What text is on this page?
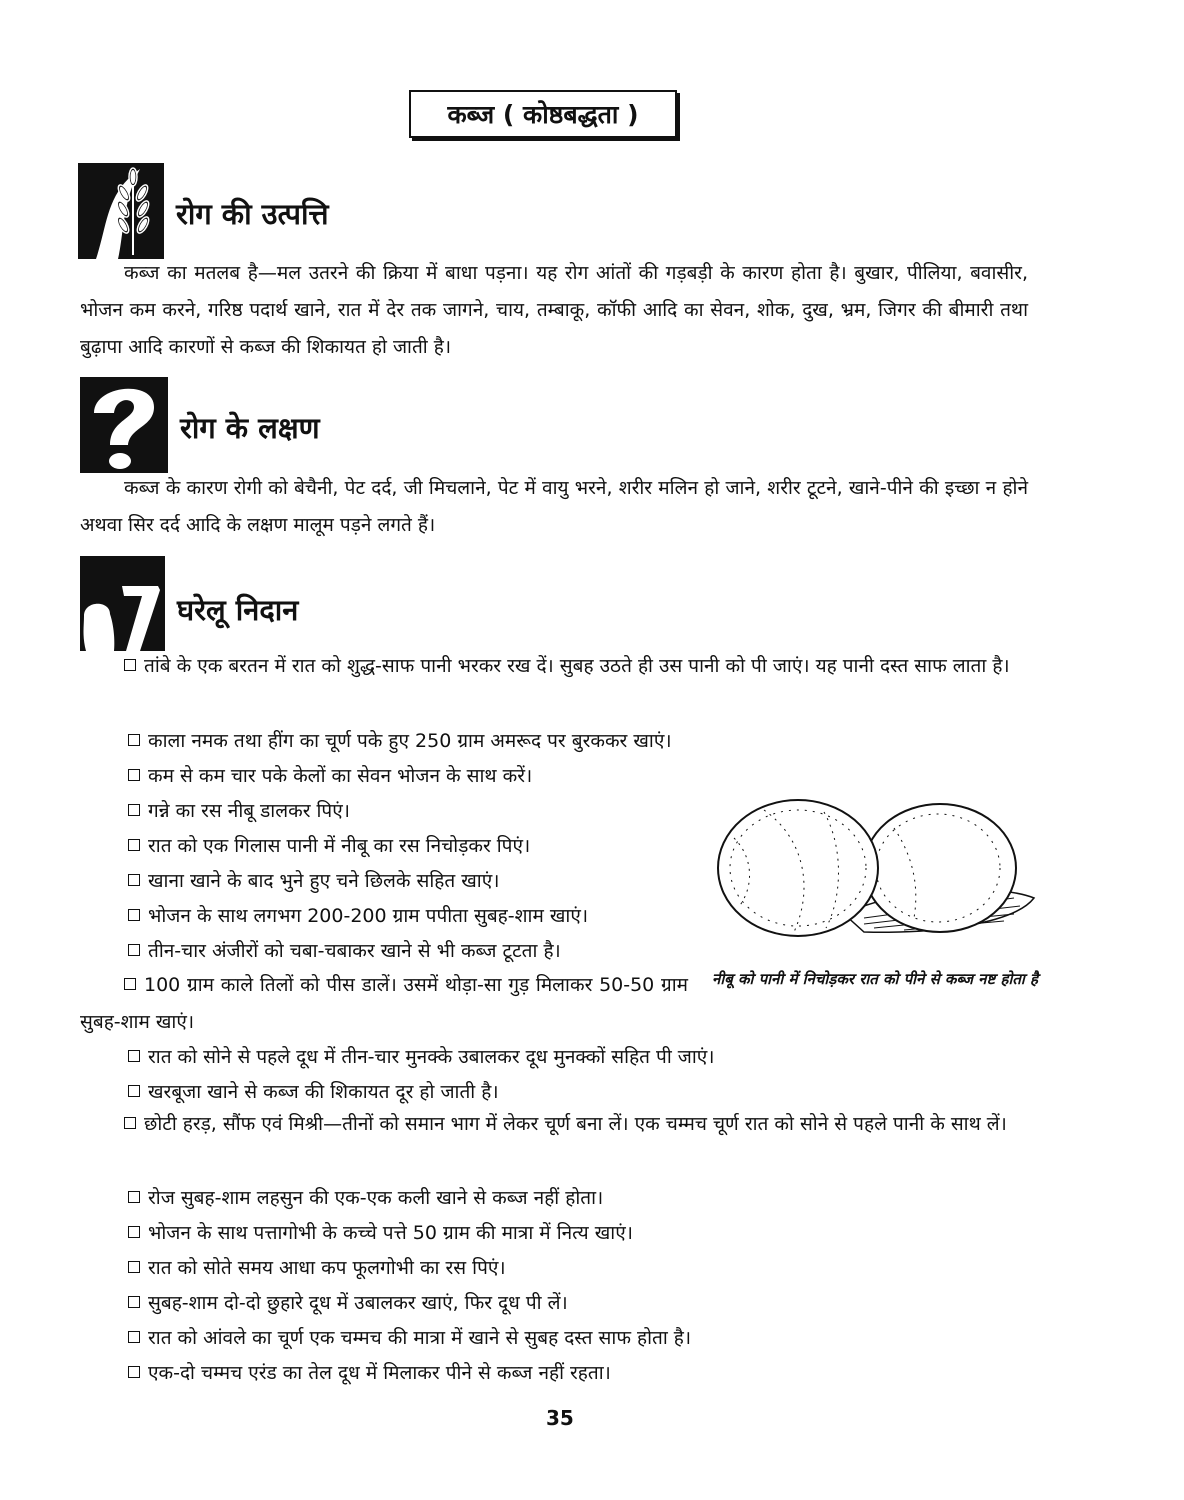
कब्ज ( कोष्ठबद्धता )
रोग की उत्पत्ति
कब्ज का मतलब है—मल उतरने की क्रिया में बाधा पड़ना। यह रोग आंतों की गड़बड़ी के कारण होता है। बुखार, पीलिया, बवासीर, भोजन कम करने, गरिष्ठ पदार्थ खाने, रात में देर तक जागने, चाय, तम्बाकू, कॉफी आदि का सेवन, शोक, दुख, भ्रम, जिगर की बीमारी तथा बुढ़ापा आदि कारणों से कब्ज की शिकायत हो जाती है।
रोग के लक्षण
कब्ज के कारण रोगी को बेचैनी, पेट दर्द, जी मिचलाने, पेट में वायु भरने, शरीर मलिन हो जाने, शरीर टूटने, खाने-पीने की इच्छा न होने अथवा सिर दर्द आदि के लक्षण मालूम पड़ने लगते हैं।
घरेलू निदान
तांबे के एक बरतन में रात को शुद्ध-साफ पानी भरकर रख दें। सुबह उठते ही उस पानी को पी जाएं। यह पानी दस्त साफ लाता है।
काला नमक तथा हींग का चूर्ण पके हुए 250 ग्राम अमरूद पर बुरककर खाएं।
कम से कम चार पके केलों का सेवन भोजन के साथ करें।
गन्ने का रस नीबू डालकर पिएं।
रात को एक गिलास पानी में नीबू का रस निचोड़कर पिएं।
खाना खाने के बाद भुने हुए चने छिलके सहित खाएं।
भोजन के साथ लगभग 200-200 ग्राम पपीता सुबह-शाम खाएं।
तीन-चार अंजीरों को चबा-चबाकर खाने से भी कब्ज टूटता है।
100 ग्राम काले तिलों को पीस डालें। उसमें थोड़ा-सा गुड़ मिलाकर 50-50 ग्राम सुबह-शाम खाएं।
रात को सोने से पहले दूध में तीन-चार मुनक्के उबालकर दूध मुनक्कों सहित पी जाएं।
खरबूजा खाने से कब्ज की शिकायत दूर हो जाती है।
छोटी हरड़, सौंफ एवं मिश्री—तीनों को समान भाग में लेकर चूर्ण बना लें। एक चम्मच चूर्ण रात को सोने से पहले पानी के साथ लें।
रोज सुबह-शाम लहसुन की एक-एक कली खाने से कब्ज नहीं होता।
भोजन के साथ पत्तागोभी के कच्चे पत्ते 50 ग्राम की मात्रा में नित्य खाएं।
रात को सोते समय आधा कप फूलगोभी का रस पिएं।
सुबह-शाम दो-दो छुहारे दूध में उबालकर खाएं, फिर दूध पी लें।
रात को आंवले का चूर्ण एक चम्मच की मात्रा में खाने से सुबह दस्त साफ होता है।
एक-दो चम्मच एरंड का तेल दूध में मिलाकर पीने से कब्ज नहीं रहता।
नीबू को पानी में निचोड़कर रात को पीने से कब्ज नष्ट होता है
35
